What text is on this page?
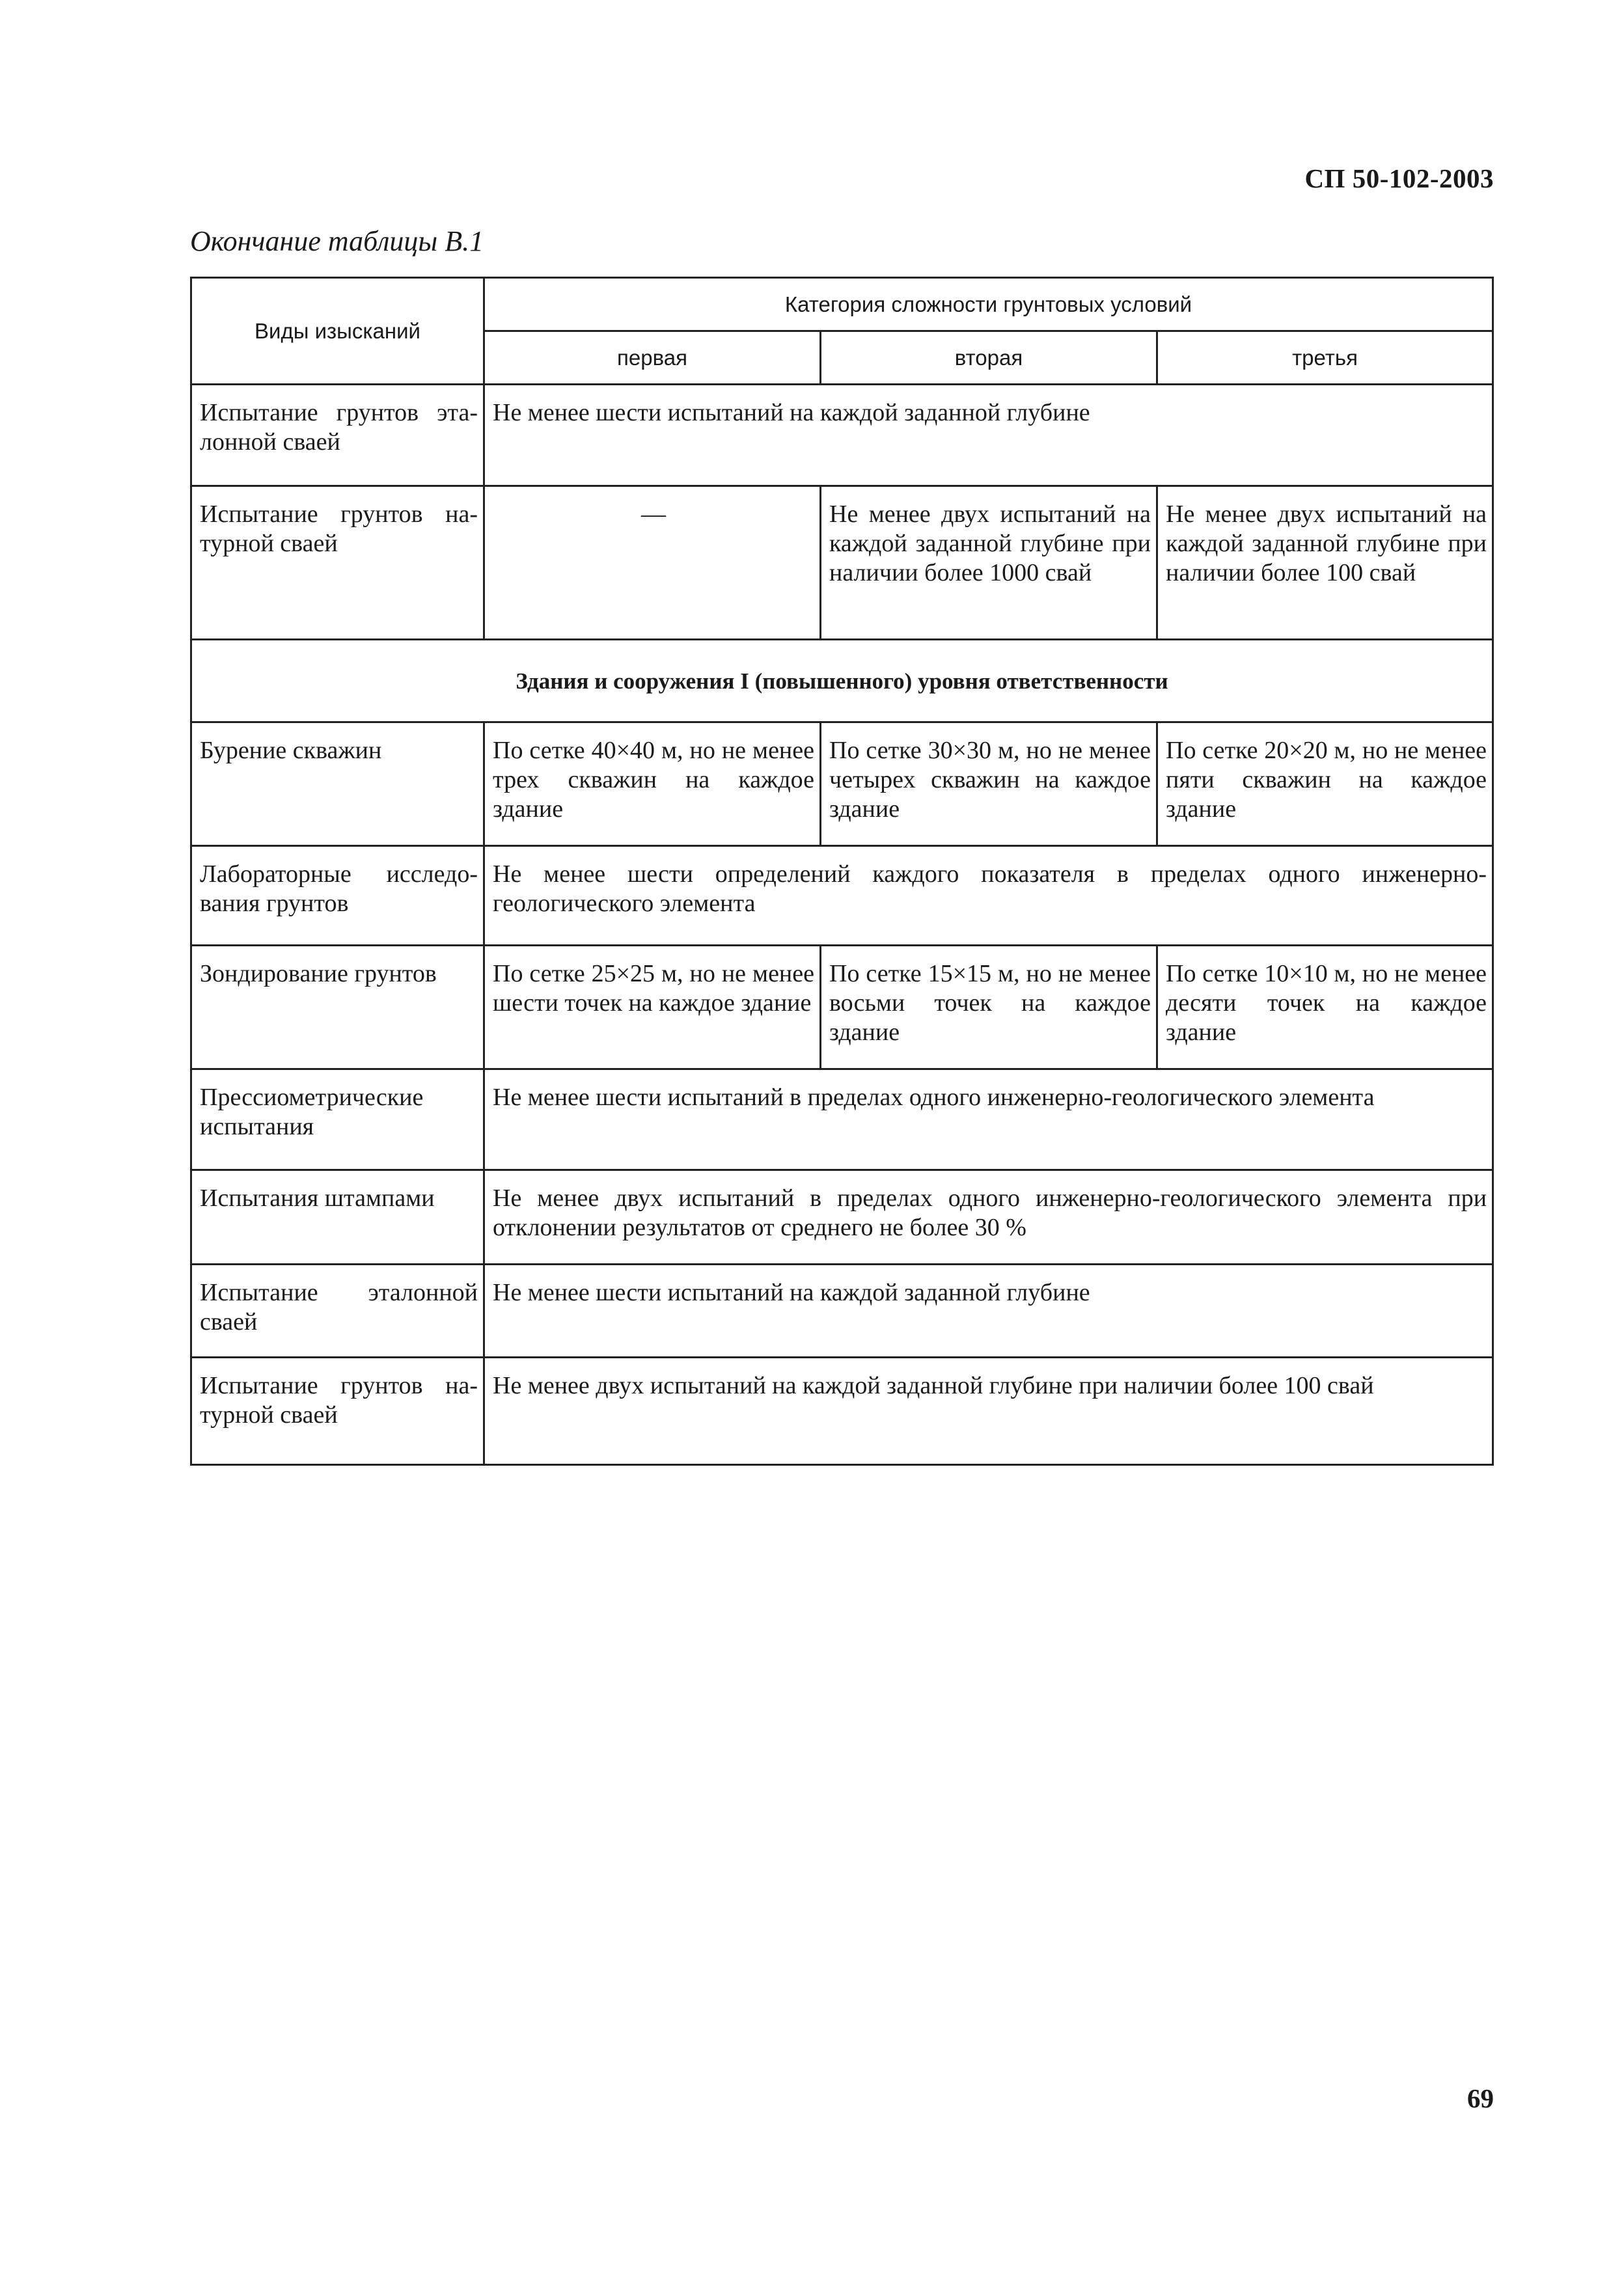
СП 50-102-2003
Окончание таблицы В.1
Виды изысканий	Категория сложности грунтовых условий		
	первая	вторая	третья
Испытание грунтов эталонной сваей	Не менее шести испытаний на каждой заданной глубине		
Испытание грунтов натурной сваей	—	Не менее двух испытаний на каждой заданной глубине при наличии более 1000 свай	Не менее двух испытаний на каждой заданной глубине при наличии более 100 свай
Здания и сооружения I (повышенного) уровня ответственности			
Бурение скважин	По сетке 40×40 м, но не менее трех скважин на каждое здание	По сетке 30×30 м, но не менее четырех скважин на каждое здание	По сетке 20×20 м, но не менее пяти скважин на каждое здание
Лабораторные исследования грунтов	Не менее шести определений каждого показателя в пределах одного инженерно-геологического элемента		
Зондирование грунтов	По сетке 25×25 м, но не менее шести точек на каждое здание	По сетке 15×15 м, но не менее восьми точек на каждое здание	По сетке 10×10 м, но не менее десяти точек на каждое здание
Прессиометрические испытания	Не менее шести испытаний в пределах одного инженерно-геологического элемента		
Испытания штампами	Не менее двух испытаний в пределах одного инженерно-геологического элемента при отклонении результатов от среднего не более 30 %		
Испытание эталонной сваей	Не менее шести испытаний на каждой заданной глубине		
Испытание грунтов натурной сваей	Не менее двух испытаний на каждой заданной глубине при наличии более 100 свай		
69
